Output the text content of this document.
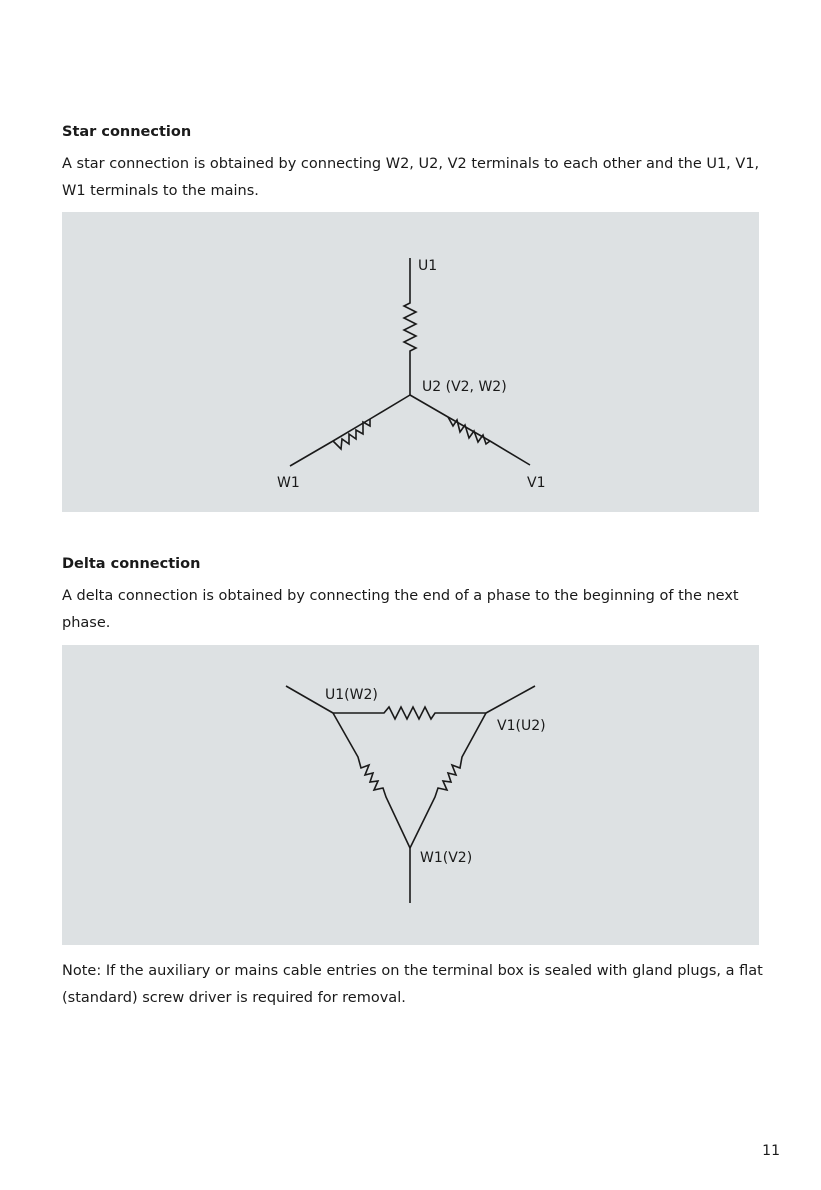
Star connection

A star connection is obtained by connecting W2, U2, V2 terminals to each other and the U1, V1, W1 terminals to the mains.

U1
U2 (V2, W2)
W1	V1
Delta connection

A delta connection is obtained by connecting the end of a phase to the beginning of the next phase.

U1(W2)
V1(U2)
W1(V2)

Note: If the auxiliary or mains cable entries on the terminal box is sealed with gland plugs, a flat (standard) screw driver is required for removal.

11
